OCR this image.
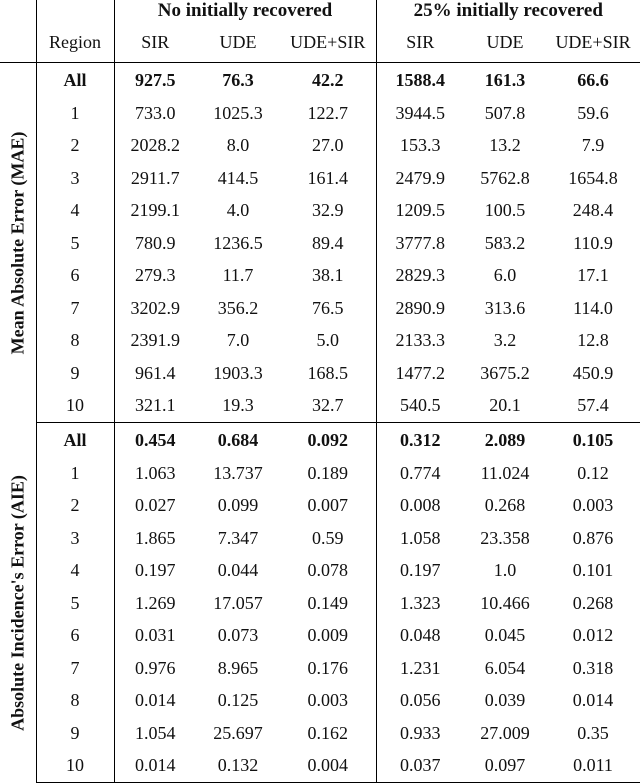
		No initially recovered			25% initially recovered		
	Region	SIR	UDE	UDE+SIR	SIR	UDE	UDE+SIR

Mean Absolute Error (MAE)	All	927.5	76.3	42.2	1588.4	161.3	66.6
	1	733.0	1025.3	122.7	3944.5	507.8	59.6
	2	2028.2	8.0	27.0	153.3	13.2	7.9
	3	2911.7	414.5	161.4	2479.9	5762.8	1654.8
	4	2199.1	4.0	32.9	1209.5	100.5	248.4
	5	780.9	1236.5	89.4	3777.8	583.2	110.9
	6	279.3	11.7	38.1	2829.3	6.0	17.1
	7	3202.9	356.2	76.5	2890.9	313.6	114.0
	8	2391.9	7.0	5.0	2133.3	3.2	12.8
	9	961.4	1903.3	168.5	1477.2	3675.2	450.9
	10	321.1	19.3	32.7	540.5	20.1	57.4

Absolute Incidence's Error (AIE)	All	0.454	0.684	0.092	0.312	2.089	0.105
	1	1.063	13.737	0.189	0.774	11.024	0.12
	2	0.027	0.099	0.007	0.008	0.268	0.003
	3	1.865	7.347	0.59	1.058	23.358	0.876
	4	0.197	0.044	0.078	0.197	1.0	0.101
	5	1.269	17.057	0.149	1.323	10.466	0.268
	6	0.031	0.073	0.009	0.048	0.045	0.012
	7	0.976	8.965	0.176	1.231	6.054	0.318
	8	0.014	0.125	0.003	0.056	0.039	0.014
	9	1.054	25.697	0.162	0.933	27.009	0.35
	10	0.014	0.132	0.004	0.037	0.097	0.011
